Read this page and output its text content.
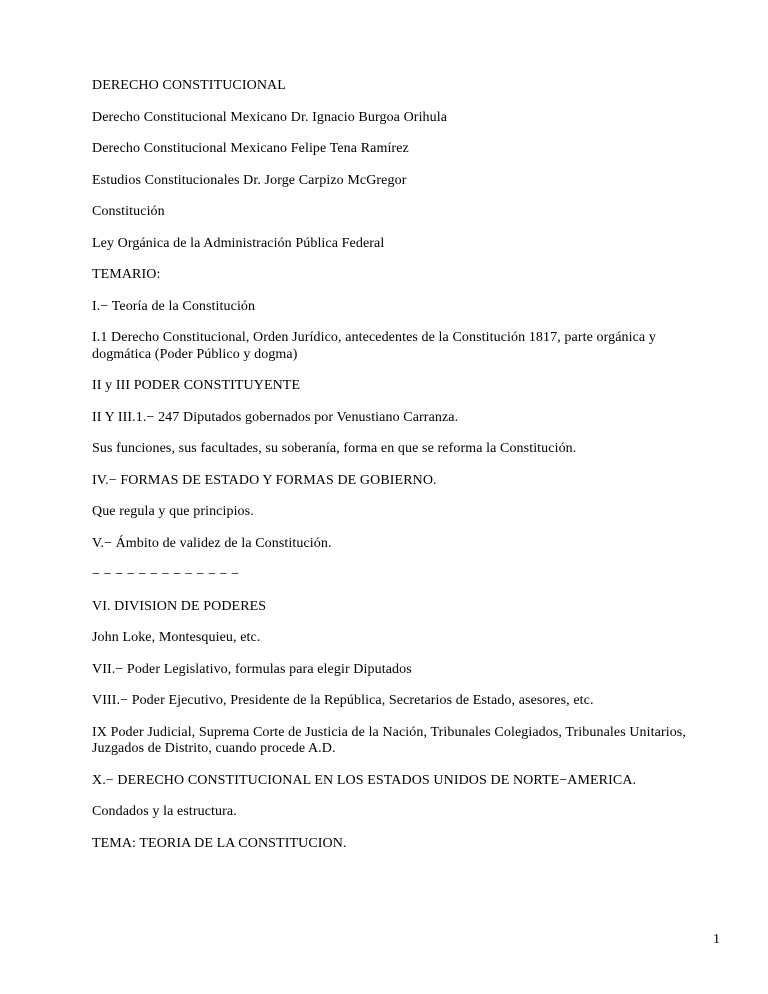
DERECHO CONSTITUCIONAL

Derecho Constitucional Mexicano Dr. Ignacio Burgoa Orihula

Derecho Constitucional Mexicano Felipe Tena Ramírez

Estudios Constitucionales Dr. Jorge Carpizo McGregor

Constitución

Ley Orgánica de la Administración Pública Federal

TEMARIO:

I.− Teoría de la Constitución

I.1 Derecho Constitucional, Orden Jurídico, antecedentes de la Constitución 1817, parte orgánica y dogmática (Poder Público y dogma)

II y III PODER CONSTITUYENTE

II Y III.1.− 247 Diputados gobernados por Venustiano Carranza.

Sus funciones, sus facultades, su soberanía, forma en que se reforma la Constitución.

IV.− FORMAS DE ESTADO Y FORMAS DE GOBIERNO.

Que regula y que principios.

V.− Ámbito de validez de la Constitución.

− − − − − − − − − − − − −

VI. DIVISION DE PODERES

John Loke, Montesquieu, etc.

VII.− Poder Legislativo, formulas para elegir Diputados

VIII.− Poder Ejecutivo, Presidente de la República, Secretarios de Estado, asesores, etc.

IX Poder Judicial, Suprema Corte de Justicia de la Nación, Tribunales Colegiados, Tribunales Unitarios, Juzgados de Distrito, cuando procede A.D.

X.− DERECHO CONSTITUCIONAL EN LOS ESTADOS UNIDOS DE NORTE−AMERICA.

Condados y la estructura.

TEMA: TEORIA DE LA CONSTITUCION.

1
